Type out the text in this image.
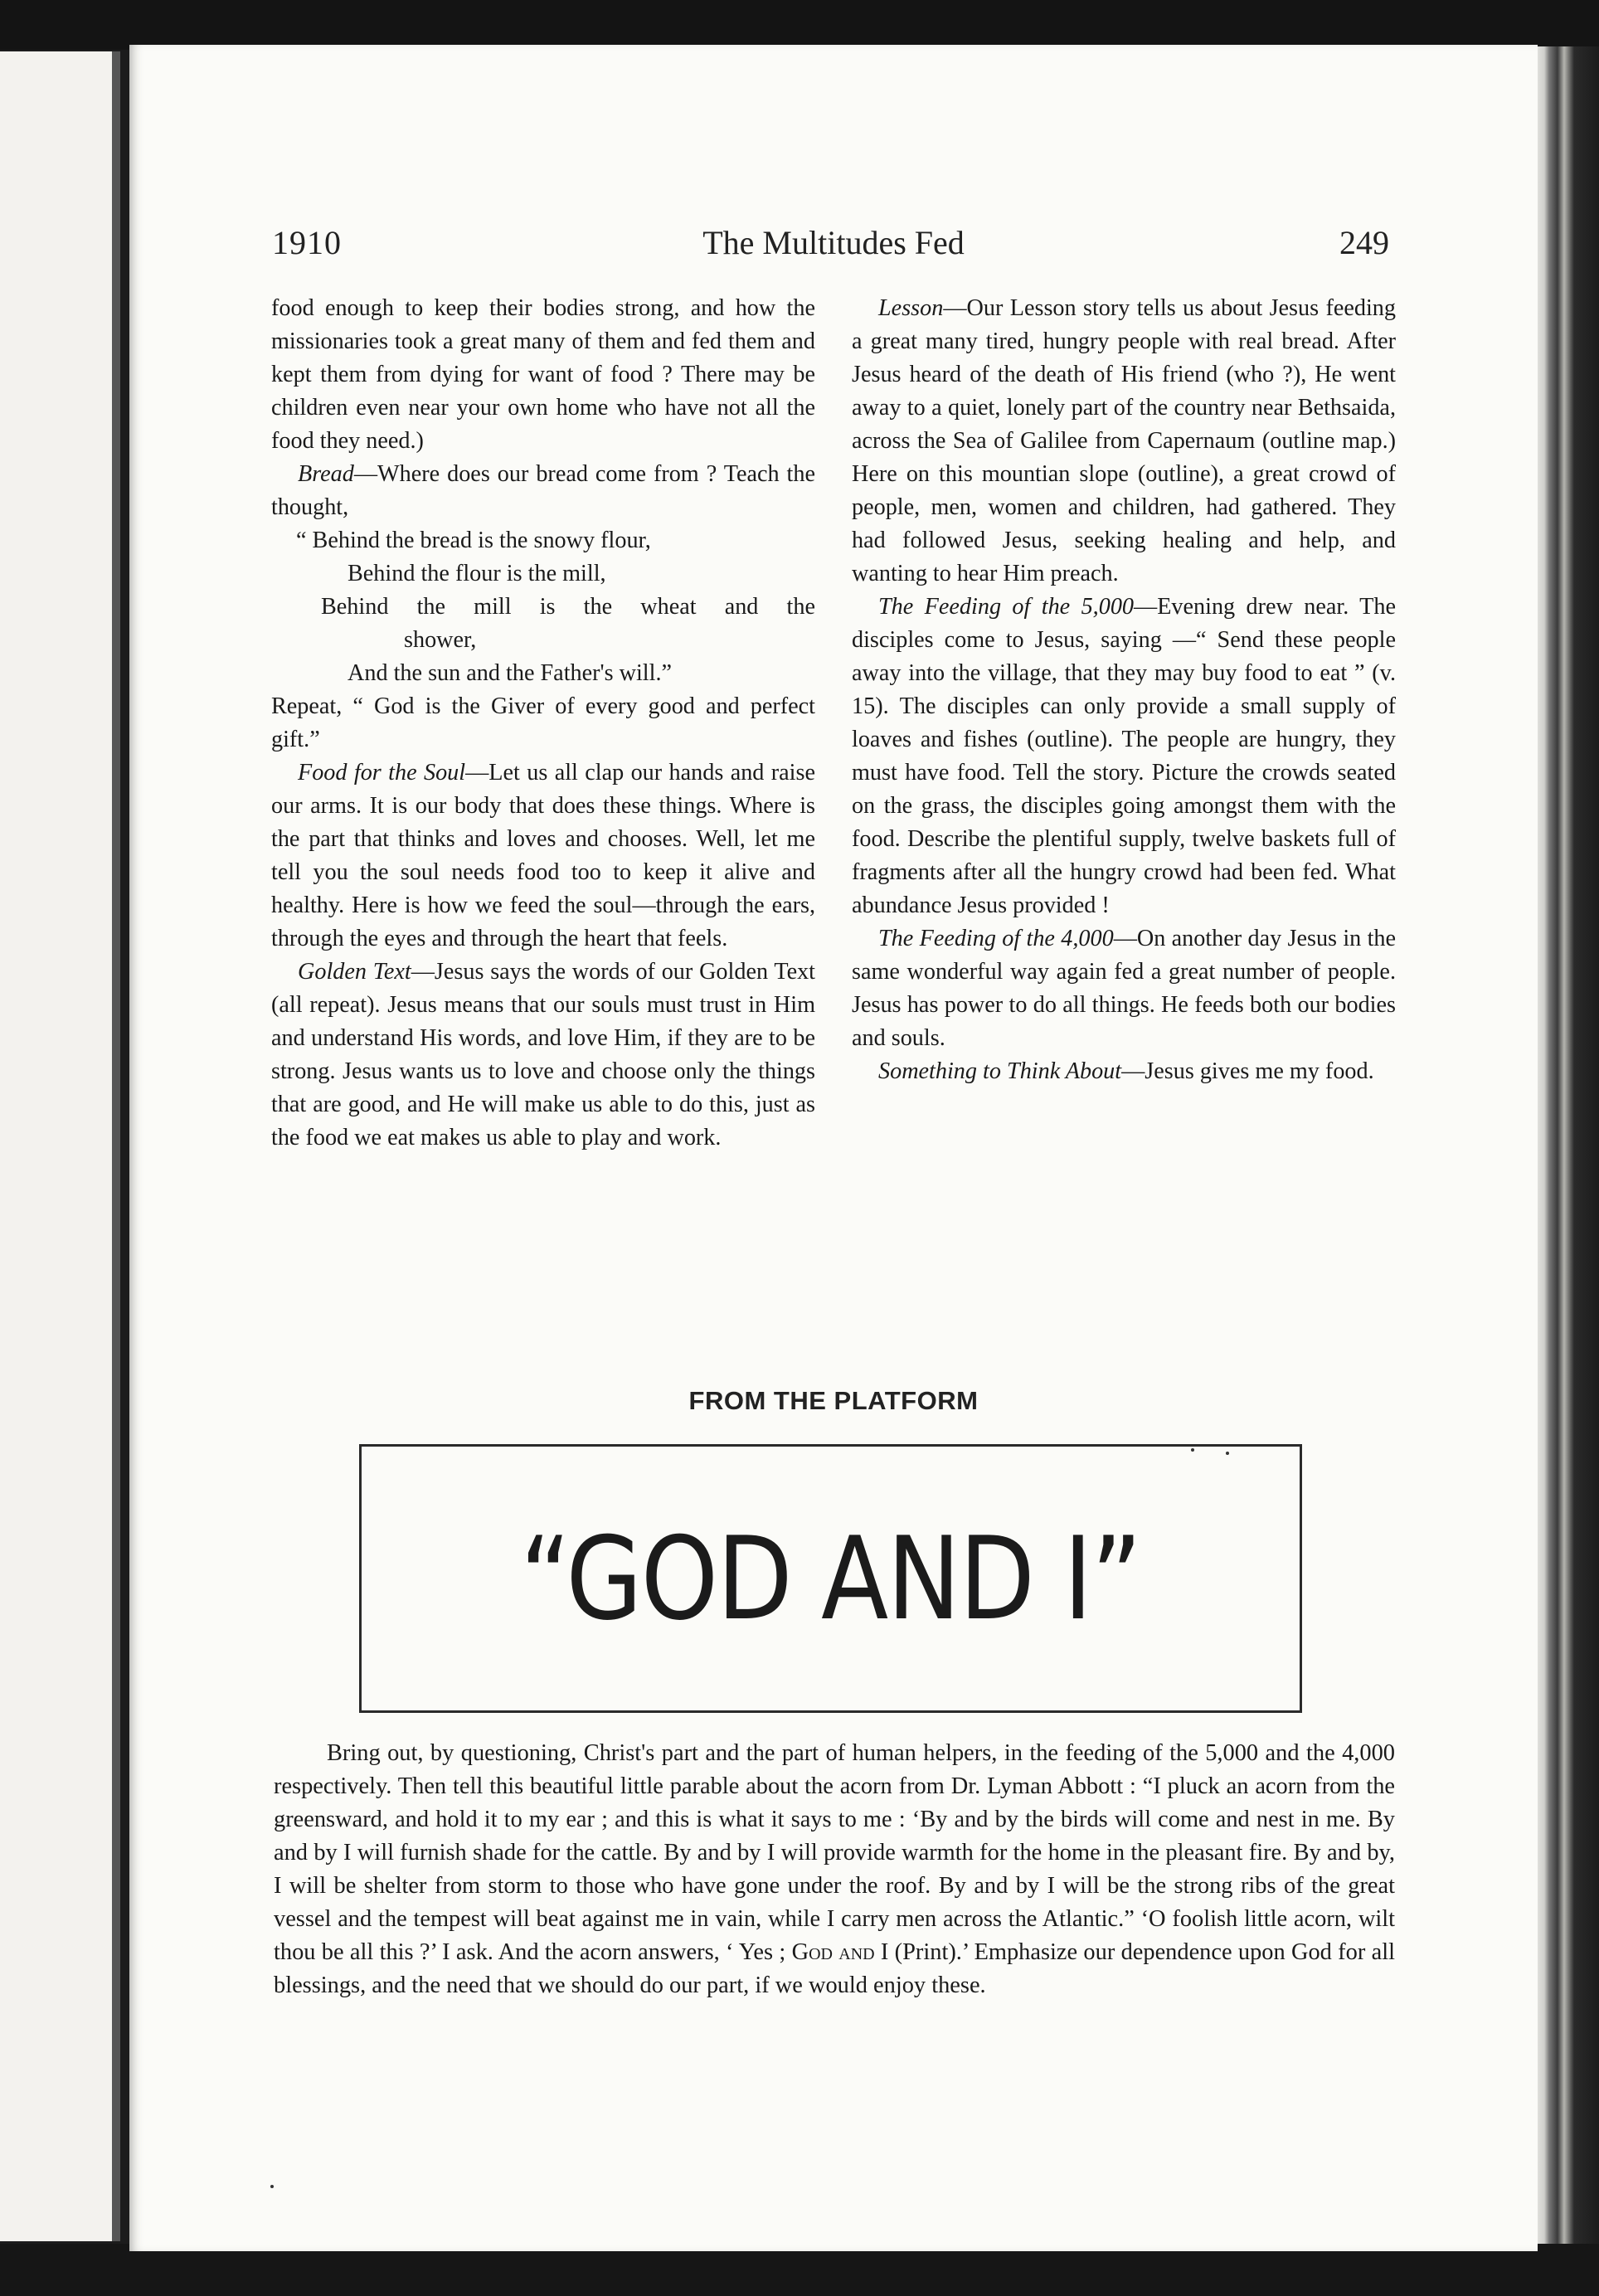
1910	The Multitudes Fed	249

food enough to keep their bodies strong, and how the missionaries took a great many of them and fed them and kept them from dying for want of food ? There may be children even near your own home who have not all the food they need.)

Bread—Where does our bread come from ? Teach the thought,

“ Behind the bread is the snowy flour,
Behind the flour is the mill,
Behind the mill is the wheat and the
shower,
And the sun and the Father's will.”

Repeat, “ God is the Giver of every good and perfect gift.”

Food for the Soul—Let us all clap our hands and raise our arms. It is our body that does these things. Where is the part that thinks and loves and chooses. Well, let me tell you the soul needs food too to keep it alive and healthy. Here is how we feed the soul—through the ears, through the eyes and through the heart that feels.

Golden Text—Jesus says the words of our Golden Text (all repeat). Jesus means that our souls must trust in Him and understand His words, and love Him, if they are to be strong. Jesus wants us to love and choose only the things that are good, and He will make us able to do this, just as the food we eat makes us able to play and work.

Lesson—Our Lesson story tells us about Jesus feeding a great many tired, hungry people with real bread. After Jesus heard of the death of His friend (who ?), He went away to a quiet, lonely part of the country near Bethsaida, across the Sea of Galilee from Capernaum (outline map.) Here on this mountian slope (outline), a great crowd of people, men, women and children, had gathered. They had followed Jesus, seeking healing and help, and wanting to hear Him preach.

The Feeding of the 5,000—Evening drew near. The disciples come to Jesus, saying —“ Send these people away into the village, that they may buy food to eat ” (v. 15). The disciples can only provide a small supply of loaves and fishes (outline). The people are hungry, they must have food. Tell the story. Picture the crowds seated on the grass, the disciples going amongst them with the food. Describe the plentiful supply, twelve baskets full of fragments after all the hungry crowd had been fed. What abundance Jesus provided !

The Feeding of the 4,000—On another day Jesus in the same wonderful way again fed a great number of people. Jesus has power to do all things. He feeds both our bodies and souls.

Something to Think About—Jesus gives me my food.

FROM THE PLATFORM
“GOD AND I”

Bring out, by questioning, Christ's part and the part of human helpers, in the feeding of the 5,000 and the 4,000 respectively. Then tell this beautiful little parable about the acorn from Dr. Lyman Abbott : “I pluck an acorn from the greensward, and hold it to my ear ; and this is what it says to me : ‘By and by the birds will come and nest in me. By and by I will furnish shade for the cattle. By and by I will provide warmth for the home in the pleasant fire. By and by, I will be shelter from storm to those who have gone under the roof. By and by I will be the strong ribs of the great vessel and the tempest will beat against me in vain, while I carry men across the Atlantic.” ‘O foolish little acorn, wilt thou be all this ?’ I ask. And the acorn answers, ‘ Yes ; God and I (Print).’ Emphasize our dependence upon God for all blessings, and the need that we should do our part, if we would enjoy these.
